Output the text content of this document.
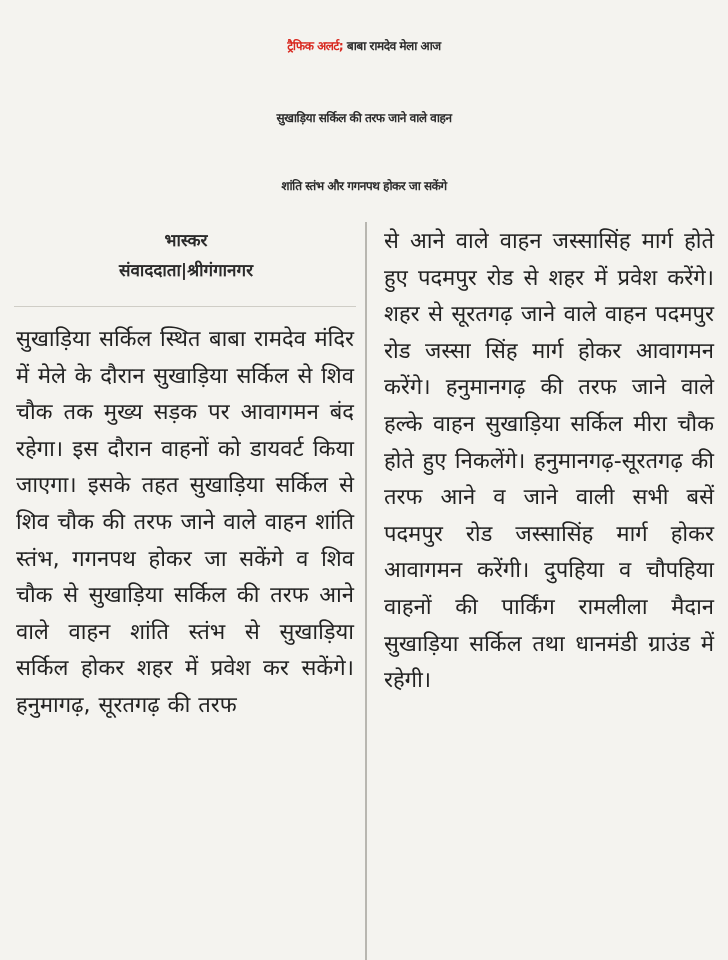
ट्रैफिक अलर्ट; बाबा रामदेव मेला आज
सुखाड़िया सर्किल की तरफ जाने वाले वाहन
शांति स्तंभ और गगनपथ होकर जा सकेंगे
भास्कर
संवाददाता|श्रीगंगानगर
सुखाड़िया सर्किल स्थित बाबा रामदेव मंदिर में मेले के दौरान सुखाड़िया सर्किल से शिव चौक तक मुख्य सड़क पर आवागमन बंद रहेगा। इस दौरान वाहनों को डायवर्ट किया जाएगा। इसके तहत सुखाड़िया सर्किल से शिव चौक की तरफ जाने वाले वाहन शांति स्तंभ, गगनपथ होकर जा सकेंगे व शिव चौक से सुखाड़िया सर्किल की तरफ आने वाले वाहन शांति स्तंभ से सुखाड़िया सर्किल होकर शहर में प्रवेश कर सकेंगे। हनुमागढ़, सूरतगढ़ की तरफ
से आने वाले वाहन जस्सासिंह मार्ग होते हुए पदमपुर रोड से शहर में प्रवेश करेंगे। शहर से सूरतगढ़ जाने वाले वाहन पदमपुर रोड जस्सा सिंह मार्ग होकर आवागमन करेंगे। हनुमानगढ़ की तरफ जाने वाले हल्के वाहन सुखाड़िया सर्किल मीरा चौक होते हुए निकलेंगे। हनुमानगढ़-सूरतगढ़ की तरफ आने व जाने वाली सभी बसें पदमपुर रोड जस्सासिंह मार्ग होकर आवागमन करेंगी। दुपहिया व चौपहिया वाहनों की पार्किंग रामलीला मैदान सुखाड़िया सर्किल तथा धानमंडी ग्राउंड में रहेगी।
